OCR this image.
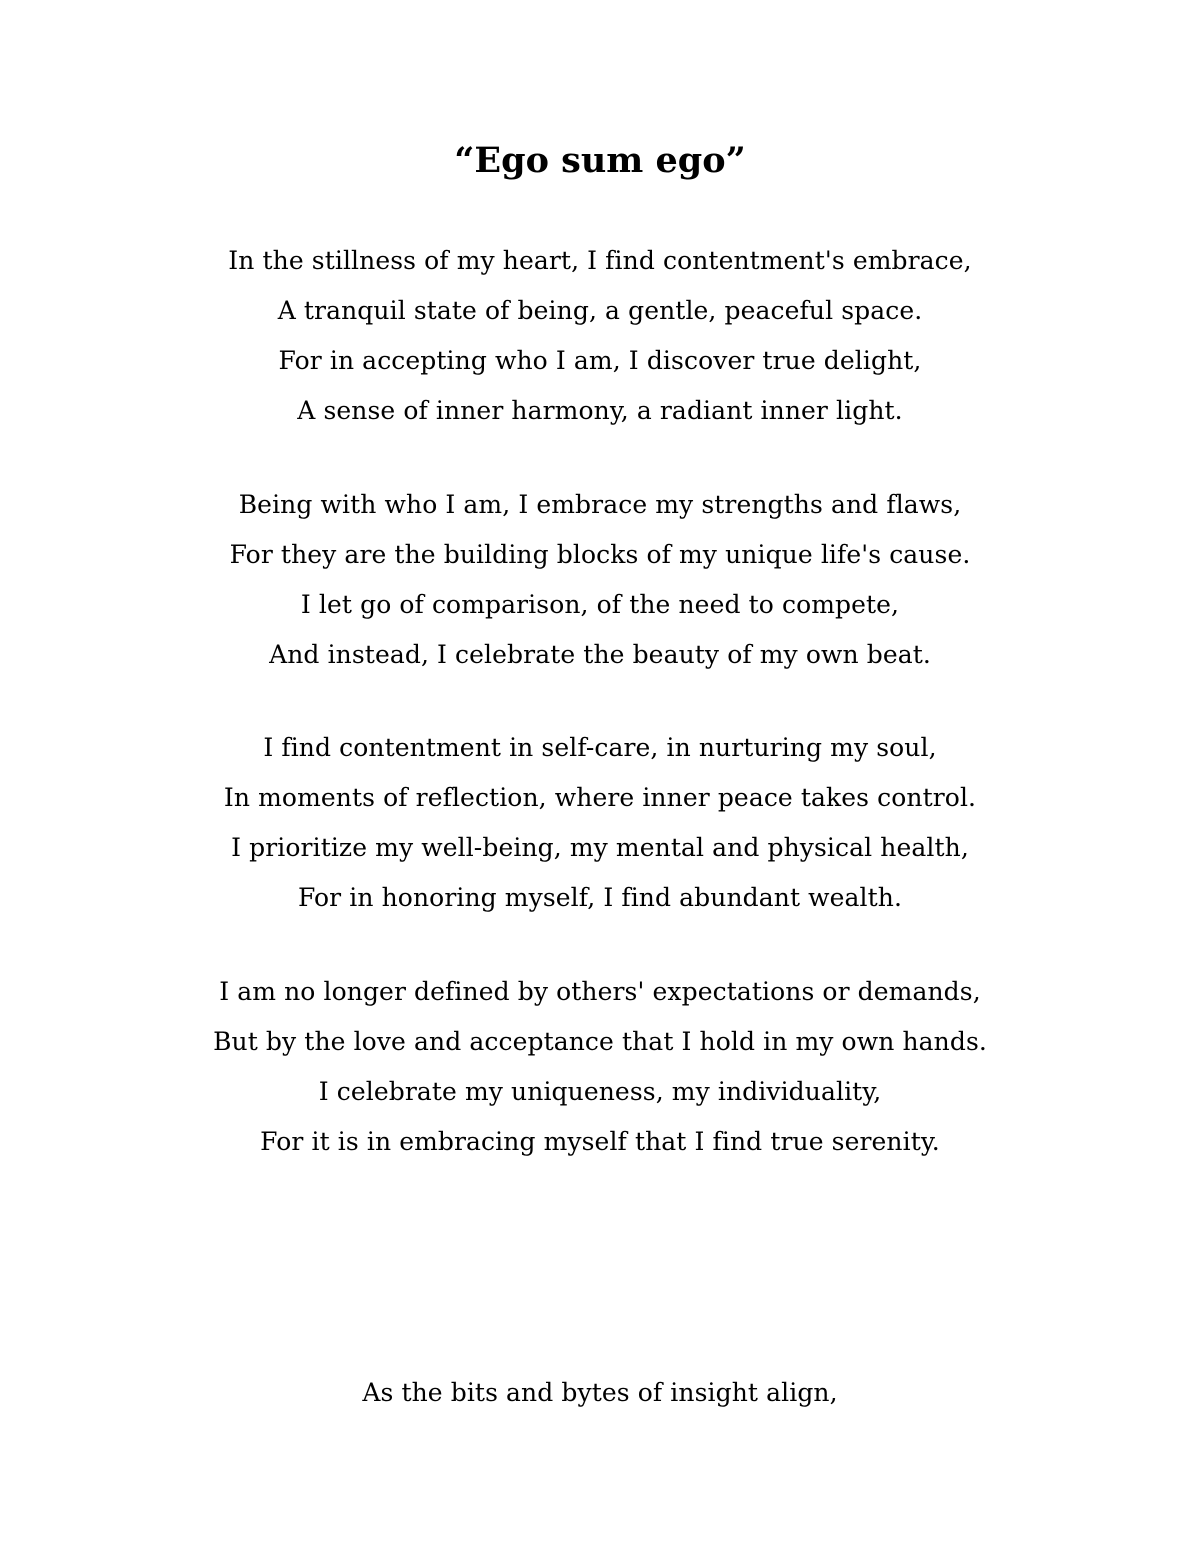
“Ego sum ego”
In the stillness of my heart, I find contentment's embrace,
A tranquil state of being, a gentle, peaceful space.
For in accepting who I am, I discover true delight,
A sense of inner harmony, a radiant inner light.
Being with who I am, I embrace my strengths and flaws,
For they are the building blocks of my unique life's cause.
I let go of comparison, of the need to compete,
And instead, I celebrate the beauty of my own beat.
I find contentment in self-care, in nurturing my soul,
In moments of reflection, where inner peace takes control.
I prioritize my well-being, my mental and physical health,
For in honoring myself, I find abundant wealth.
I am no longer defined by others' expectations or demands,
But by the love and acceptance that I hold in my own hands.
I celebrate my uniqueness, my individuality,
For it is in embracing myself that I find true serenity.
As the bits and bytes of insight align,
